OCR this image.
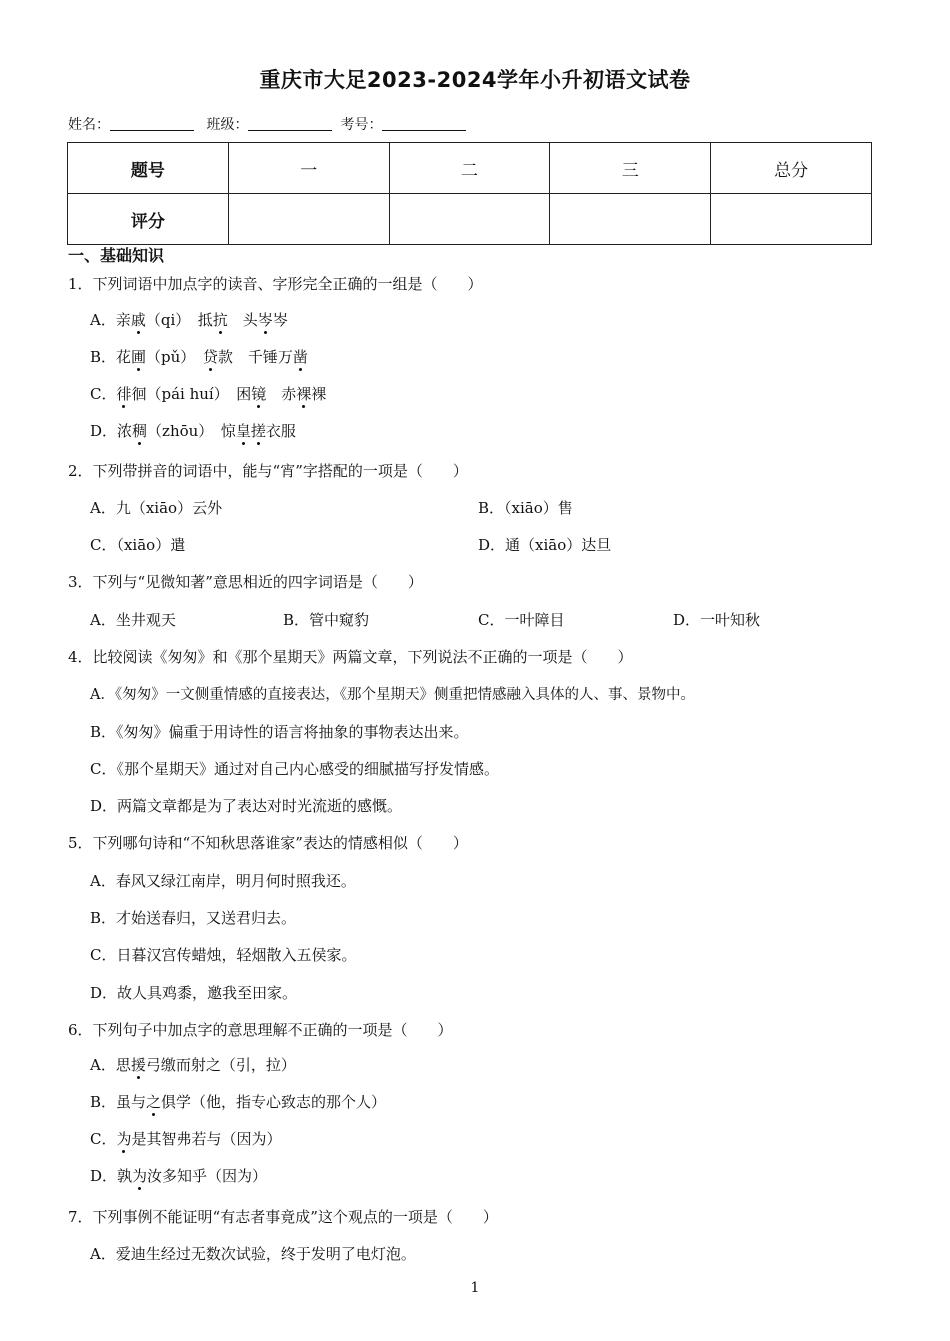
重庆市大足2023-2024学年小升初语文试卷
姓名：	班级：	考号：
题号	一	二	三	总分
评分				
一、基础知识
1．下列词语中加点字的读音、字形完全正确的一组是（　　）
A．亲戚（qi）　抵抗　头岑岑
B．花圃（pǔ）　贷款　千锤万凿
C．徘徊（pái huí）　困镜　赤裸裸
D．浓稠（zhōu）　惊皇搓衣服
2．下列带拼音的词语中，能与“宵”字搭配的一项是（　　）
A．九（xiāo）云外	B．（xiāo）售
C．（xiāo）遣	D．通（xiāo）达旦
3．下列与“见微知著”意思相近的四字词语是（　　）
A．坐井观天	B．管中窥豹	C．一叶障目	D．一叶知秋
4．比较阅读《匆匆》和《那个星期天》两篇文章，下列说法不正确的一项是（　　）
A．《匆匆》一文侧重情感的直接表达，《那个星期天》侧重把情感融入具体的人、事、景物中。
B．《匆匆》偏重于用诗性的语言将抽象的事物表达出来。
C．《那个星期天》通过对自己内心感受的细腻描写抒发情感。
D．两篇文章都是为了表达对时光流逝的感慨。
5．下列哪句诗和“不知秋思落谁家”表达的情感相似（　　）
A．春风又绿江南岸，明月何时照我还。
B．才始送春归，又送君归去。
C．日暮汉宫传蜡烛，轻烟散入五侯家。
D．故人具鸡黍，邀我至田家。
6．下列句子中加点字的意思理解不正确的一项是（　　）
A．思援弓缴而射之（引，拉）
B．虽与之俱学（他，指专心致志的那个人）
C．为是其智弗若与（因为）
D．孰为汝多知乎（因为）
7．下列事例不能证明“有志者事竟成”这个观点的一项是（　　）
A．爱迪生经过无数次试验，终于发明了电灯泡。
1
